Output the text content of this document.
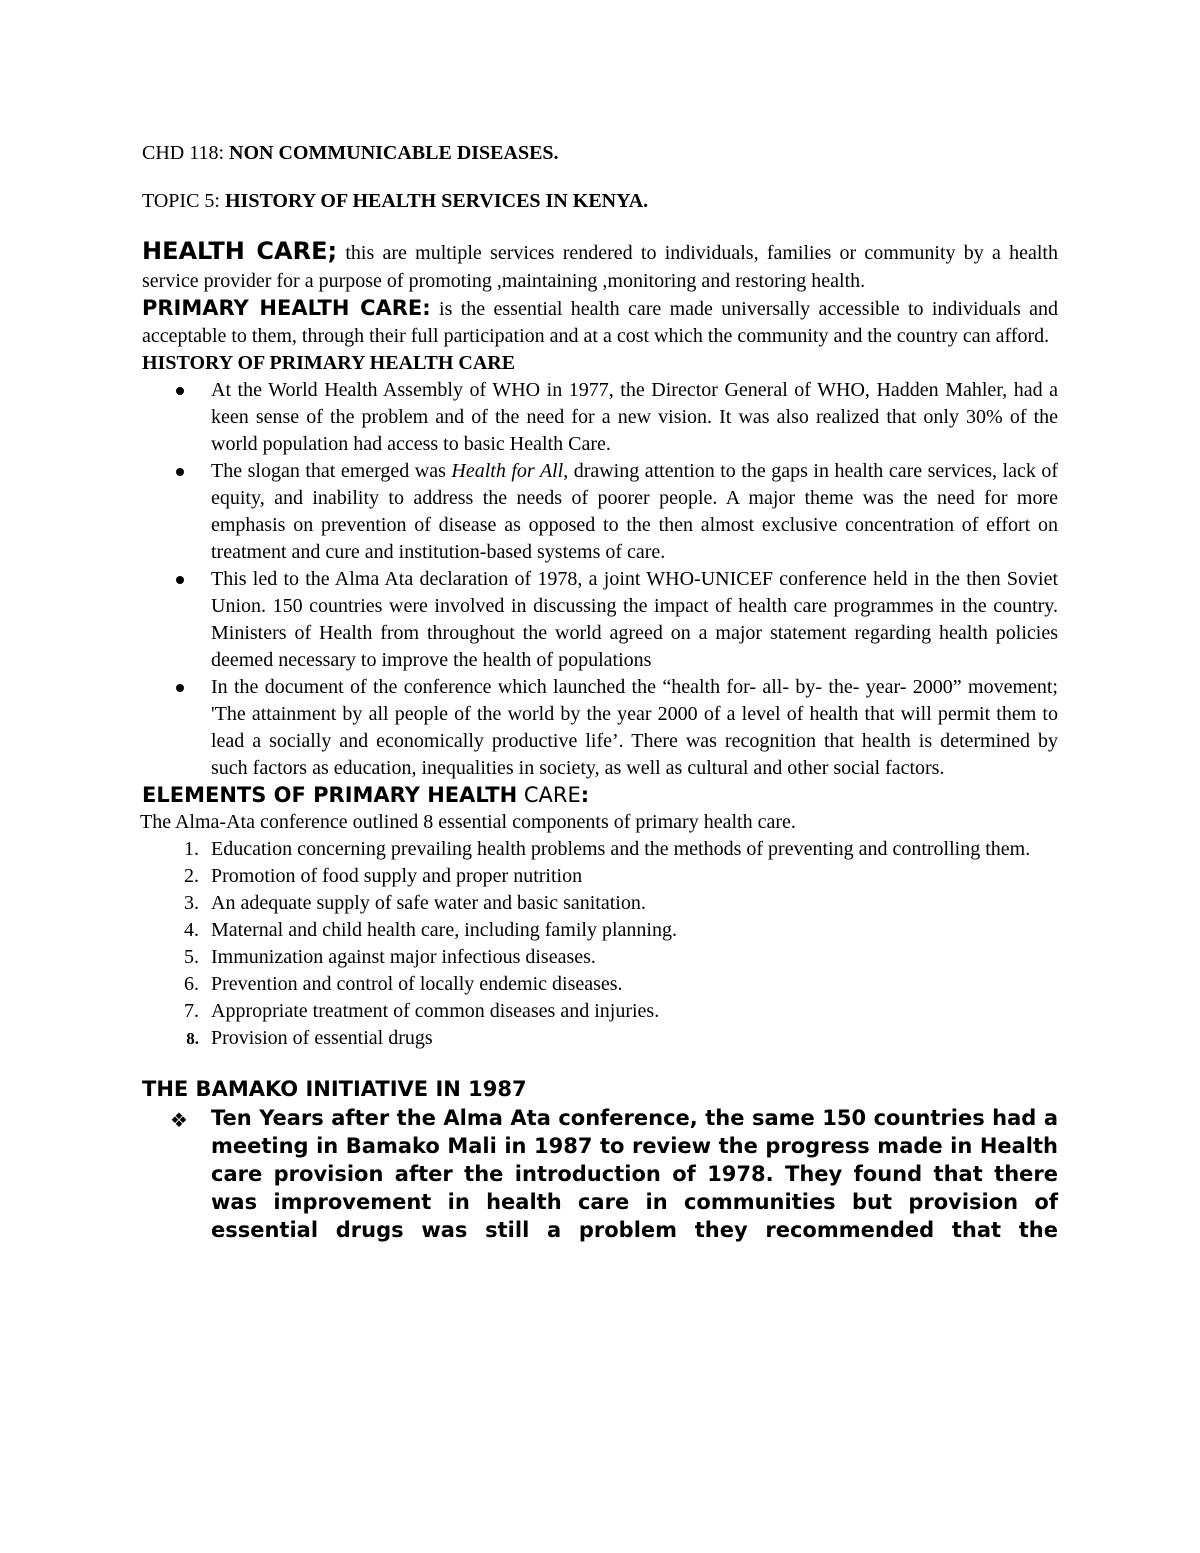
CHD 118: NON COMMUNICABLE DISEASES.

TOPIC 5: HISTORY OF HEALTH SERVICES IN KENYA.

HEALTH CARE; this are multiple services rendered to individuals, families or community by a health service provider for a purpose of promoting ,maintaining ,monitoring and restoring health.

PRIMARY HEALTH CARE: is the essential health care made universally accessible to individuals and acceptable to them, through their full participation and at a cost which the community and the country can afford.

HISTORY OF PRIMARY HEALTH CARE

At the World Health Assembly of WHO in 1977, the Director General of WHO, Hadden Mahler, had a keen sense of the problem and of the need for a new vision. It was also realized that only 30% of the world population had access to basic Health Care.
The slogan that emerged was Health for All, drawing attention to the gaps in health care services, lack of equity, and inability to address the needs of poorer people. A major theme was the need for more emphasis on prevention of disease as opposed to the then almost exclusive concentration of effort on treatment and cure and institution-based systems of care.
This led to the Alma Ata declaration of 1978, a joint WHO-UNICEF conference held in the then Soviet Union. 150 countries were involved in discussing the impact of health care programmes in the country. Ministers of Health from throughout the world agreed on a major statement regarding health policies deemed necessary to improve the health of populations
In the document of the conference which launched the “health for- all- by- the- year- 2000” movement; 'The attainment by all people of the world by the year 2000 of a level of health that will permit them to lead a socially and economically productive life’. There was recognition that health is determined by such factors as education, inequalities in society, as well as cultural and other social factors.

ELEMENTS OF PRIMARY HEALTH CARE:

The Alma-Ata conference outlined 8 essential components of primary health care.

1. Education concerning prevailing health problems and the methods of preventing and controlling them.
2. Promotion of food supply and proper nutrition
3. An adequate supply of safe water and basic sanitation.
4. Maternal and child health care, including family planning.
5. Immunization against major infectious diseases.
6. Prevention and control of locally endemic diseases.
7. Appropriate treatment of common diseases and injuries.
8. Provision of essential drugs

THE BAMAKO INITIATIVE IN 1987

❖ Ten Years after the Alma Ata conference, the same 150 countries had a meeting in Bamako Mali in 1987 to review the progress made in Health care provision after the introduction of 1978. They found that there was improvement in health care in communities but provision of essential drugs was still a problem they recommended that the
